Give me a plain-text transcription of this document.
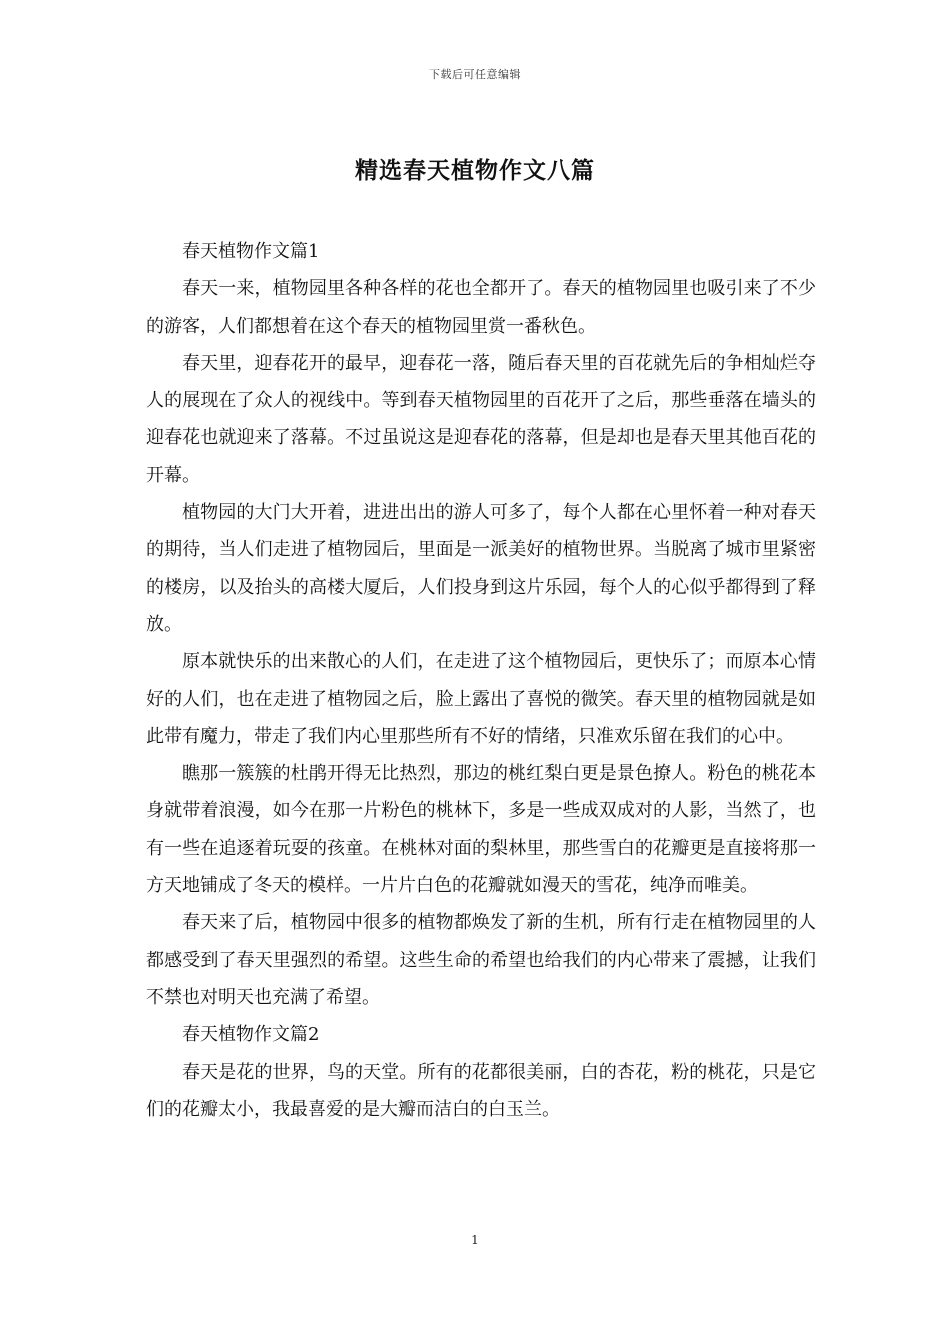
下载后可任意编辑
精选春天植物作文八篇

春天植物作文篇1

春天一来，植物园里各种各样的花也全都开了。春天的植物园里也吸引来了不少的游客，人们都想着在这个春天的植物园里赏一番秋色。

春天里，迎春花开的最早，迎春花一落，随后春天里的百花就先后的争相灿烂夺人的展现在了众人的视线中。等到春天植物园里的百花开了之后，那些垂落在墙头的迎春花也就迎来了落幕。不过虽说这是迎春花的落幕，但是却也是春天里其他百花的开幕。

植物园的大门大开着，进进出出的游人可多了，每个人都在心里怀着一种对春天的期待，当人们走进了植物园后，里面是一派美好的植物世界。当脱离了城市里紧密的楼房，以及抬头的高楼大厦后，人们投身到这片乐园，每个人的心似乎都得到了释放。

原本就快乐的出来散心的人们，在走进了这个植物园后，更快乐了；而原本心情好的人们，也在走进了植物园之后，脸上露出了喜悦的微笑。春天里的植物园就是如此带有魔力，带走了我们内心里那些所有不好的情绪，只准欢乐留在我们的心中。

瞧那一簇簇的杜鹃开得无比热烈，那边的桃红梨白更是景色撩人。粉色的桃花本身就带着浪漫，如今在那一片粉色的桃林下，多是一些成双成对的人影，当然了，也有一些在追逐着玩耍的孩童。在桃林对面的梨林里，那些雪白的花瓣更是直接将那一方天地铺成了冬天的模样。一片片白色的花瓣就如漫天的雪花，纯净而唯美。

春天来了后，植物园中很多的植物都焕发了新的生机，所有行走在植物园里的人都感受到了春天里强烈的希望。这些生命的希望也给我们的内心带来了震撼，让我们不禁也对明天也充满了希望。

春天植物作文篇2

春天是花的世界，鸟的天堂。所有的花都很美丽，白的杏花，粉的桃花，只是它们的花瓣太小，我最喜爱的是大瓣而洁白的白玉兰。

1
